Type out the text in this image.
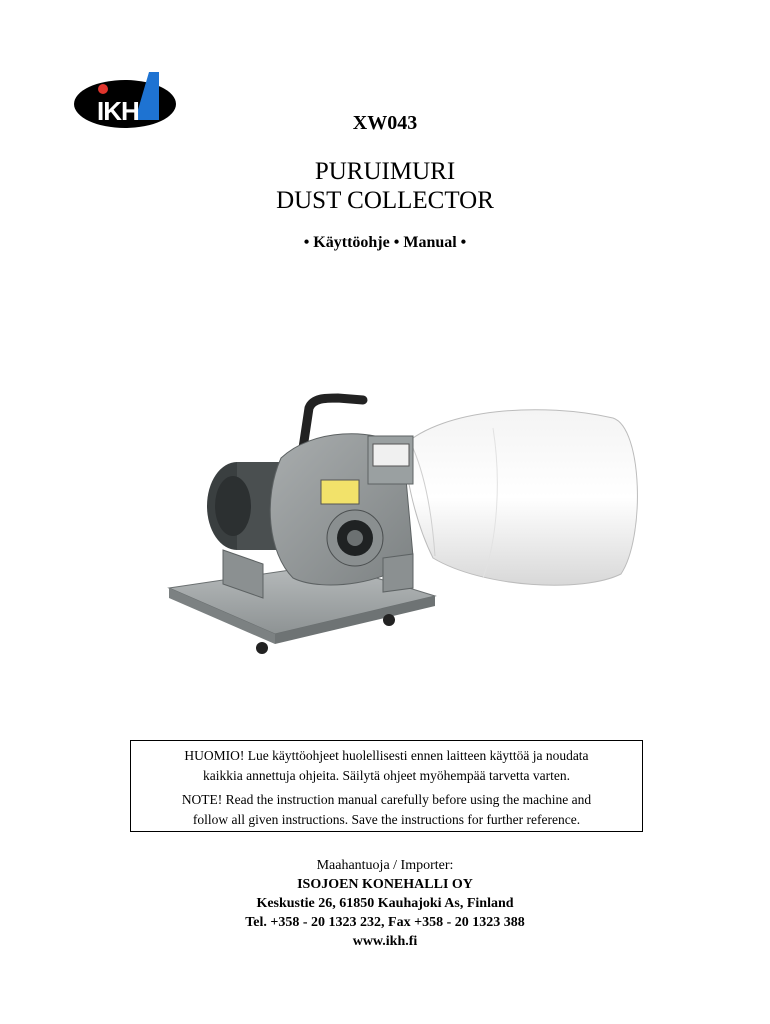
IKH	XW043
PURUIMURI
DUST COLLECTOR
• Käyttöohje • Manual •

HUOMIO! Lue käyttöohjeet huolellisesti ennen laitteen käyttöä ja noudata
kaikkia annettuja ohjeita. Säilytä ohjeet myöhempää tarvetta varten.

NOTE! Read the instruction manual carefully before using the machine and
follow all given instructions. Save the instructions for further reference.

Maahantuoja / Importer:
ISOJOEN KONEHALLI OY
Keskustie 26, 61850 Kauhajoki As, Finland
Tel. +358 - 20 1323 232, Fax +358 - 20 1323 388
www.ikh.fi
